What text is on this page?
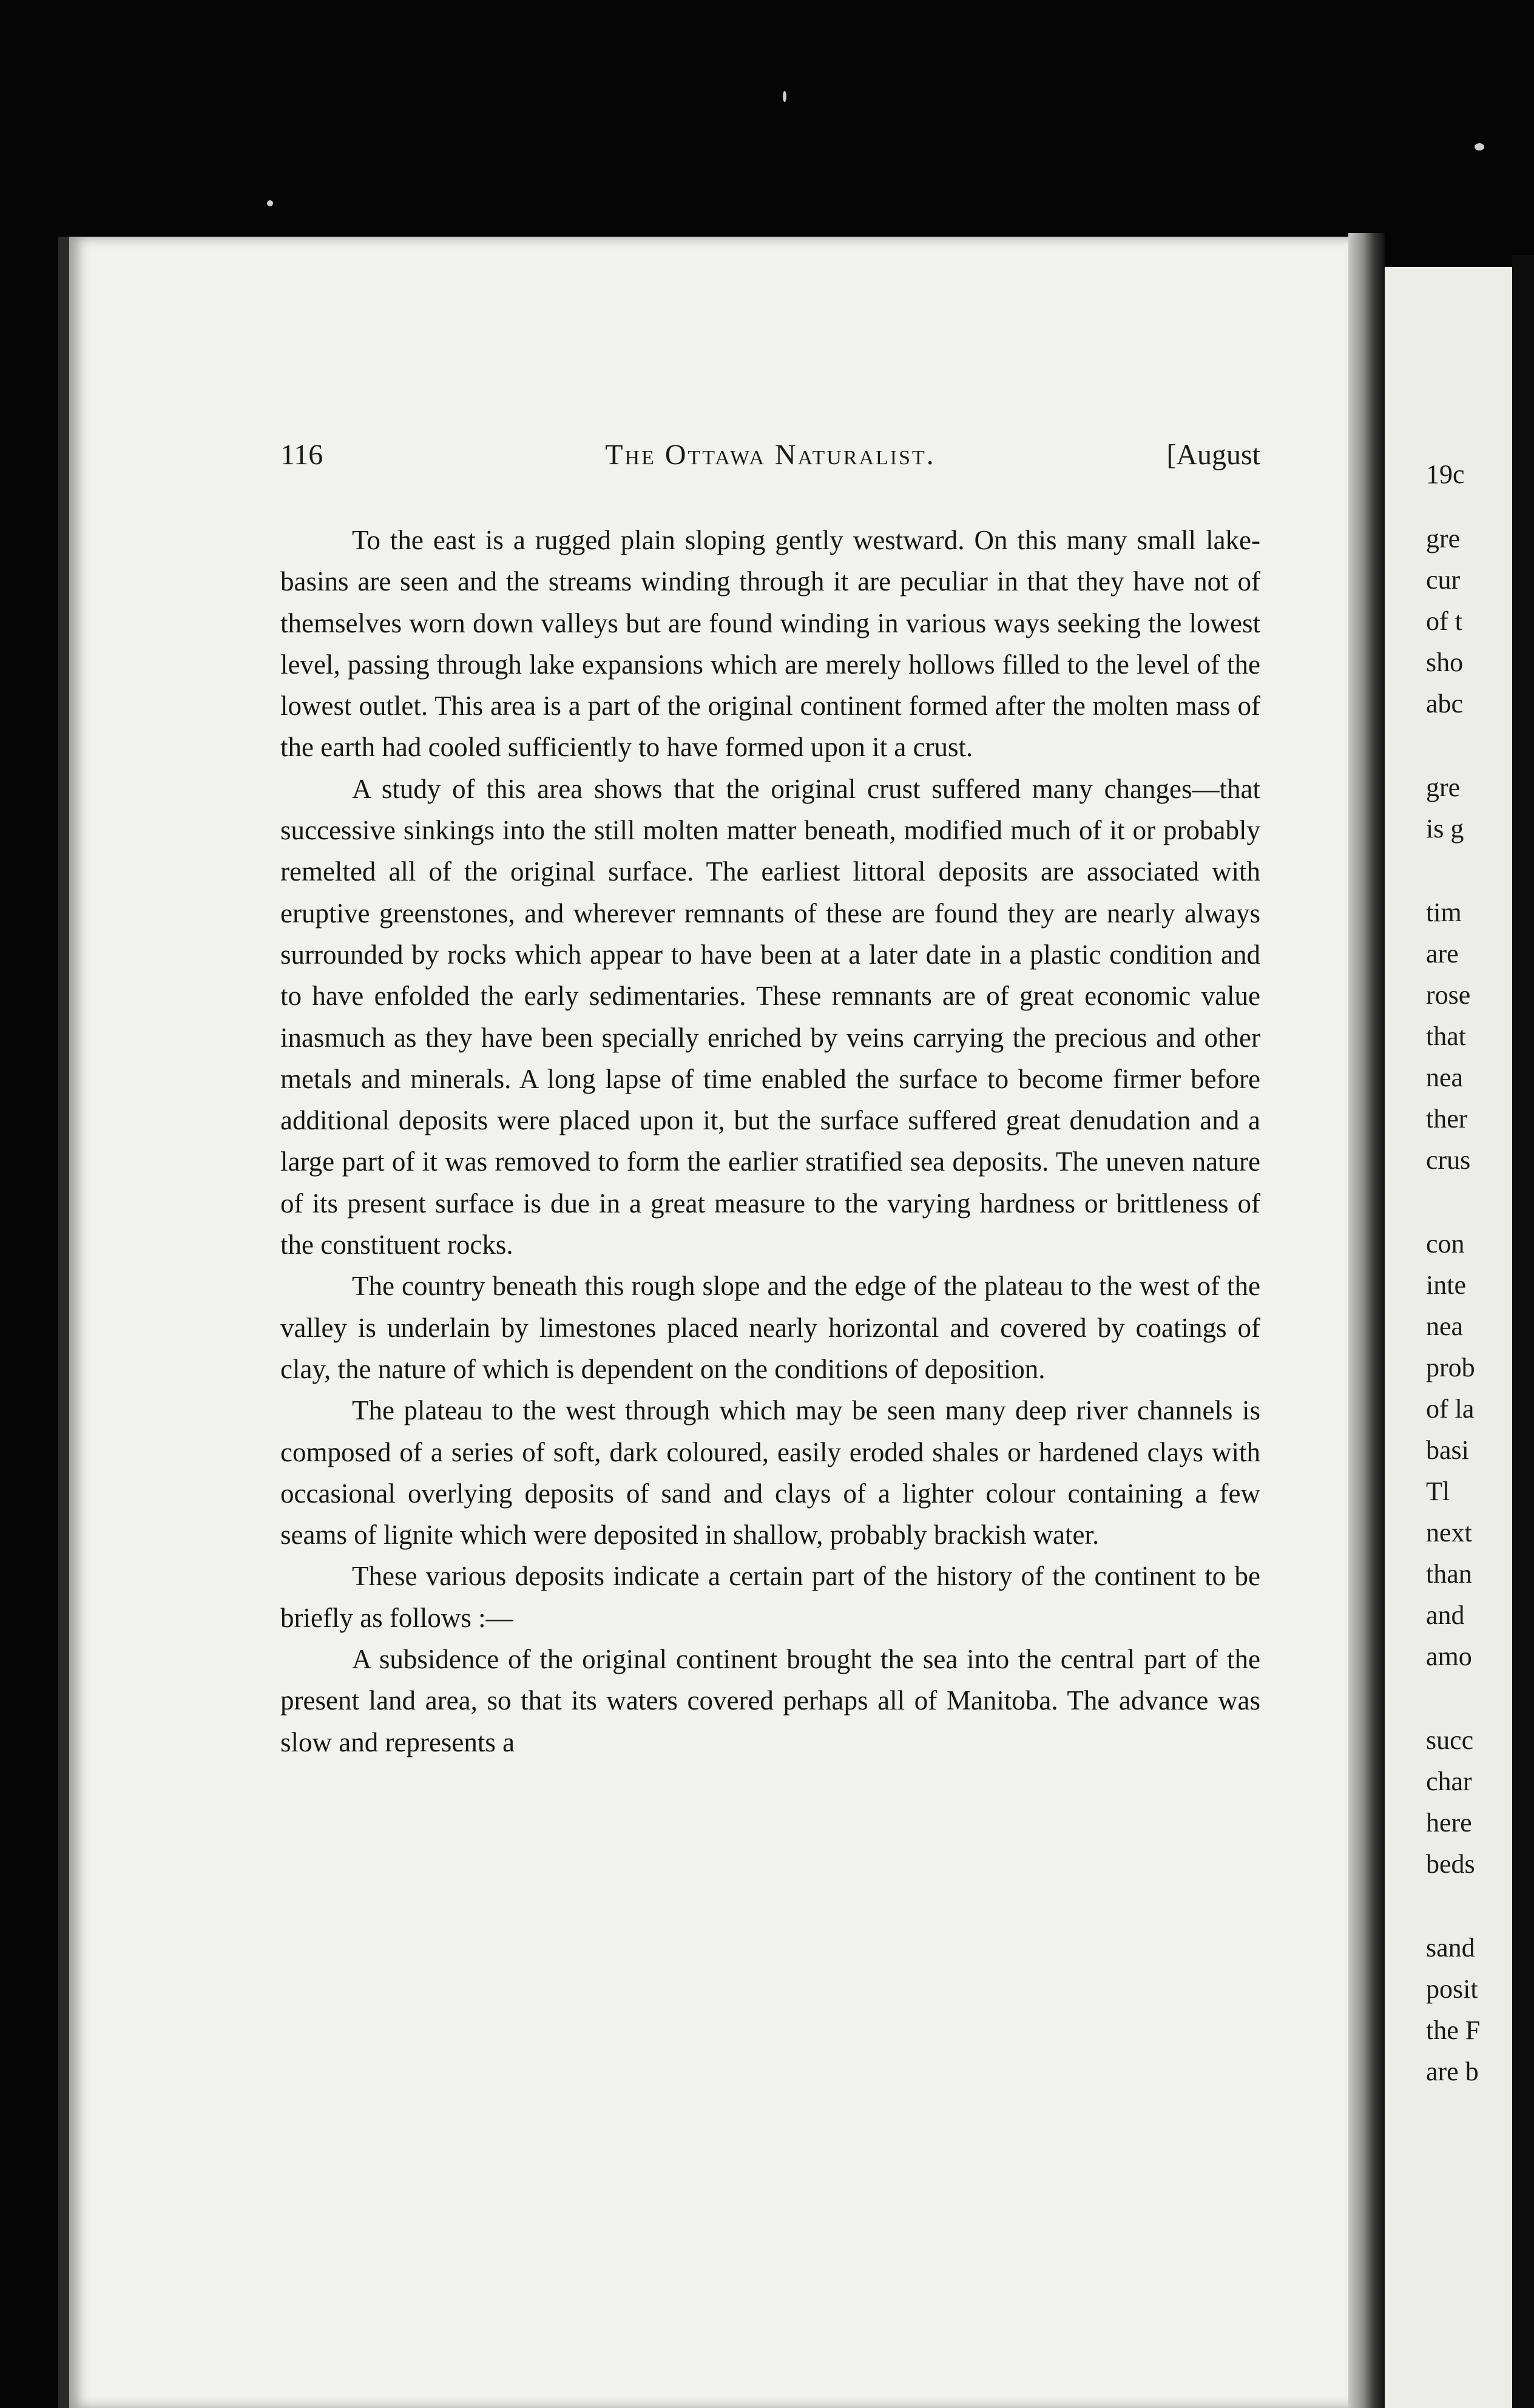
116	The Ottawa Naturalist.	[August

To the east is a rugged plain sloping gently westward. On this many small lake-basins are seen and the streams winding through it are peculiar in that they have not of themselves worn down valleys but are found winding in various ways seeking the lowest level, passing through lake expansions which are merely hollows filled to the level of the lowest outlet. This area is a part of the original continent formed after the molten mass of the earth had cooled sufficiently to have formed upon it a crust.

A study of this area shows that the original crust suffered many changes—that successive sinkings into the still molten matter beneath, modified much of it or probably remelted all of the original surface. The earliest littoral deposits are associated with eruptive greenstones, and wherever remnants of these are found they are nearly always surrounded by rocks which appear to have been at a later date in a plastic condition and to have enfolded the early sedimentaries. These remnants are of great economic value inasmuch as they have been specially enriched by veins carrying the precious and other metals and minerals. A long lapse of time enabled the surface to become firmer before additional deposits were placed upon it, but the surface suffered great denudation and a large part of it was removed to form the earlier stratified sea deposits. The uneven nature of its present surface is due in a great measure to the varying hardness or brittleness of the constituent rocks.

The country beneath this rough slope and the edge of the plateau to the west of the valley is underlain by limestones placed nearly horizontal and covered by coatings of clay, the nature of which is dependent on the conditions of deposition.

The plateau to the west through which may be seen many deep river channels is composed of a series of soft, dark coloured, easily eroded shales or hardened clays with occasional overlying deposits of sand and clays of a lighter colour containing a few seams of lignite which were deposited in shallow, probably brackish water.

These various deposits indicate a certain part of the history of the continent to be briefly as follows :—

A subsidence of the original continent brought the sea into the central part of the present land area, so that its waters covered perhaps all of Manitoba. The advance was slow and represents a

19c
gre
cur
of t
sho
abc
gre
is g
tim
are
rose
that
nea
ther
crus
con
inte
nea
prob
of la
basi
Tl
next
than
and
amo
succ
char
here
beds
sand
posit
the F
are b
